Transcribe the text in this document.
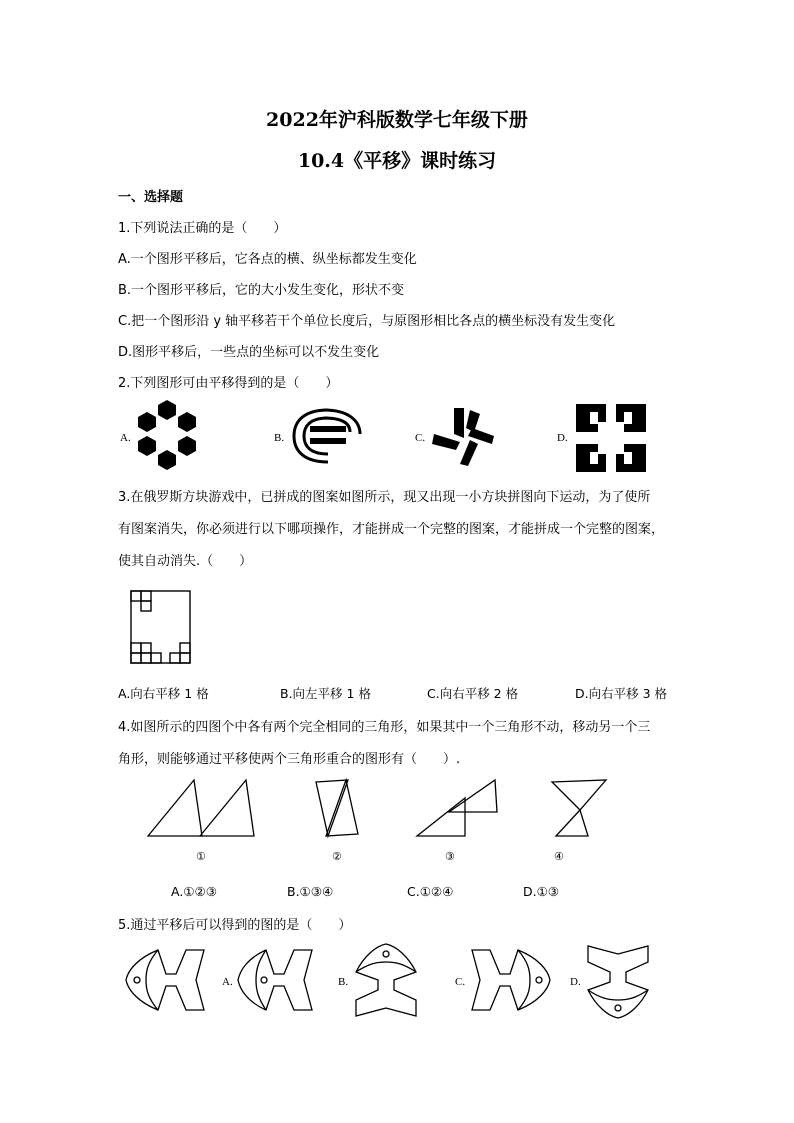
2022年沪科版数学七年级下册
10.4《平移》课时练习
一、选择题
1.下列说法正确的是（　　）
A.一个图形平移后，它各点的横、纵坐标都发生变化
B.一个图形平移后，它的大小发生变化，形状不变
C.把一个图形沿 y 轴平移若干个单位长度后，与原图形相比各点的横坐标没有发生变化
D.图形平移后，一些点的坐标可以不发生变化
2.下列图形可由平移得到的是（　　）
A.	B.	C.	D.
3.在俄罗斯方块游戏中，已拼成的图案如图所示，现又出现一小方块拼图向下运动，为了使所
有图案消失，你必须进行以下哪项操作，才能拼成一个完整的图案，才能拼成一个完整的图案，
使其自动消失.（　　）
A.向右平移 1 格	B.向左平移 1 格	C.向右平移 2 格	D.向右平移 3 格
4.如图所示的四图个中各有两个完全相同的三角形，如果其中一个三角形不动，移动另一个三
角形，则能够通过平移使两个三角形重合的图形有（　　）.
①	②	③	④
A.①②③	B.①③④	C.①②④	D.①③
5.通过平移后可以得到的图的是（　　）
A.	B.	C.	D.
